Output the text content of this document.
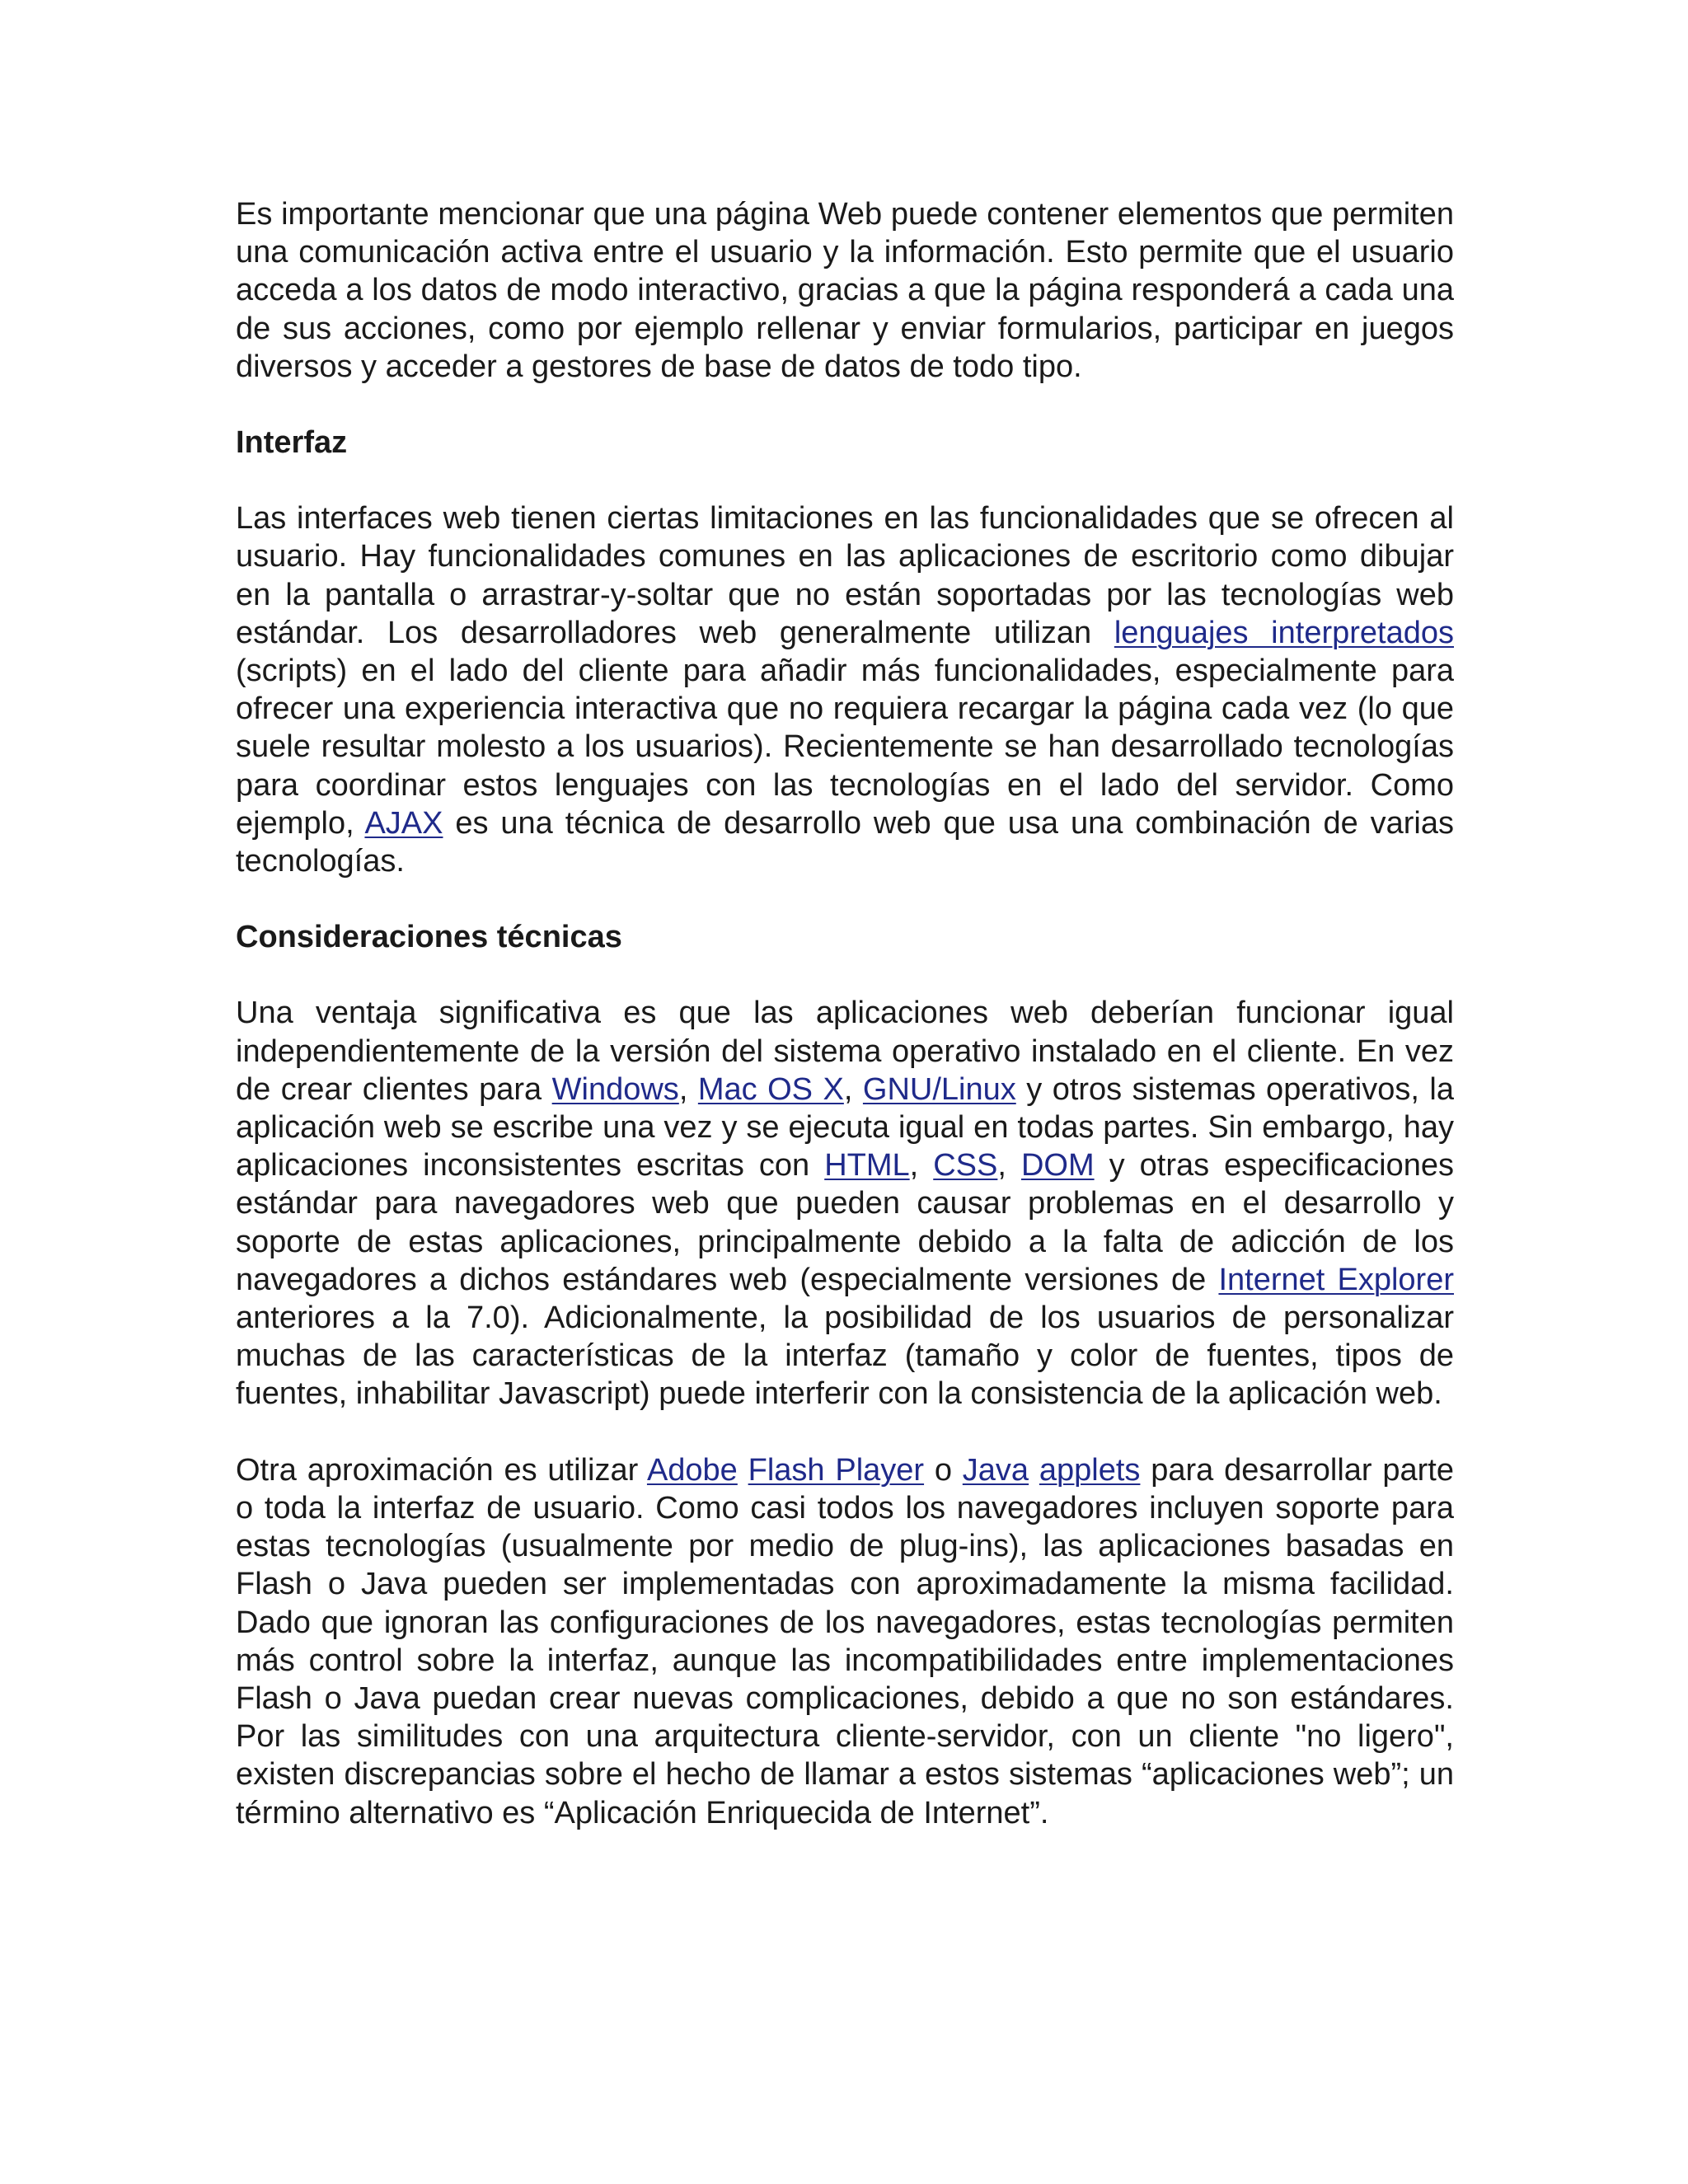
Es importante mencionar que una página Web puede contener elementos que permiten una comunicación activa entre el usuario y la información. Esto permite que el usuario acceda a los datos de modo interactivo, gracias a que la página responderá a cada una de sus acciones, como por ejemplo rellenar y enviar formularios, participar en juegos diversos y acceder a gestores de base de datos de todo tipo.

Interfaz

Las interfaces web tienen ciertas limitaciones en las funcionalidades que se ofrecen al usuario. Hay funcionalidades comunes en las aplicaciones de escritorio como dibujar en la pantalla o arrastrar-y-soltar que no están soportadas por las tecnologías web estándar. Los desarrolladores web generalmente utilizan lenguajes interpretados (scripts) en el lado del cliente para añadir más funcionalidades, especialmente para ofrecer una experiencia interactiva que no requiera recargar la página cada vez (lo que suele resultar molesto a los usuarios). Recientemente se han desarrollado tecnologías para coordinar estos lenguajes con las tecnologías en el lado del servidor. Como ejemplo, AJAX es una técnica de desarrollo web que usa una combinación de varias tecnologías.

Consideraciones técnicas

Una ventaja significativa es que las aplicaciones web deberían funcionar igual independientemente de la versión del sistema operativo instalado en el cliente. En vez de crear clientes para Windows, Mac OS X, GNU/Linux y otros sistemas operativos, la aplicación web se escribe una vez y se ejecuta igual en todas partes. Sin embargo, hay aplicaciones inconsistentes escritas con HTML, CSS, DOM y otras especificaciones estándar para navegadores web que pueden causar problemas en el desarrollo y soporte de estas aplicaciones, principalmente debido a la falta de adicción de los navegadores a dichos estándares web (especialmente versiones de Internet Explorer anteriores a la 7.0). Adicionalmente, la posibilidad de los usuarios de personalizar muchas de las características de la interfaz (tamaño y color de fuentes, tipos de fuentes, inhabilitar Javascript) puede interferir con la consistencia de la aplicación web.

Otra aproximación es utilizar Adobe Flash Player o Java applets para desarrollar parte o toda la interfaz de usuario. Como casi todos los navegadores incluyen soporte para estas tecnologías (usualmente por medio de plug-ins), las aplicaciones basadas en Flash o Java pueden ser implementadas con aproximadamente la misma facilidad. Dado que ignoran las configuraciones de los navegadores, estas tecnologías permiten más control sobre la interfaz, aunque las incompatibilidades entre implementaciones Flash o Java puedan crear nuevas complicaciones, debido a que no son estándares. Por las similitudes con una arquitectura cliente-servidor, con un cliente "no ligero", existen discrepancias sobre el hecho de llamar a estos sistemas “aplicaciones web”; un término alternativo es “Aplicación Enriquecida de Internet”.
